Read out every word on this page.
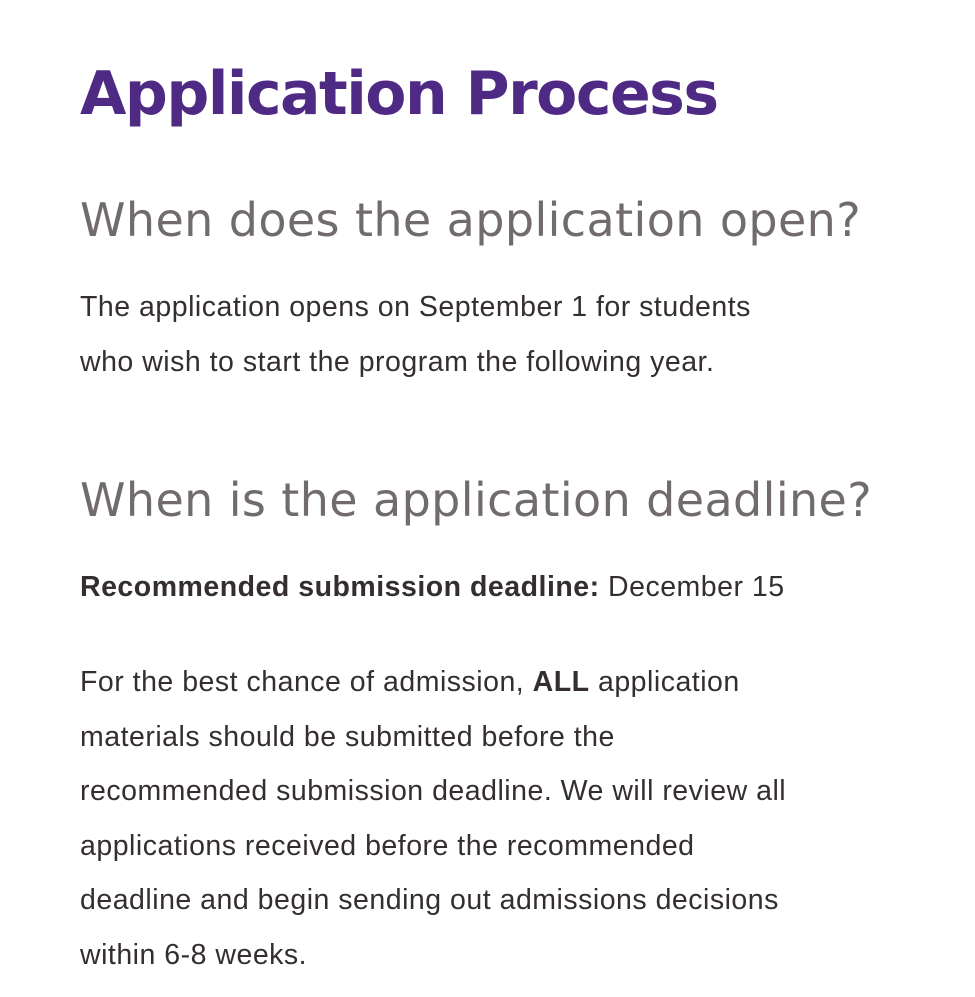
Application Process
When does the application open?

The application opens on September 1 for students
who wish to start the program the following year.

When is the application deadline?

Recommended submission deadline: December 15

For the best chance of admission, ALL application
materials should be submitted before the
recommended submission deadline. We will review all
applications received before the recommended
deadline and begin sending out admissions decisions
within 6-8 weeks.
